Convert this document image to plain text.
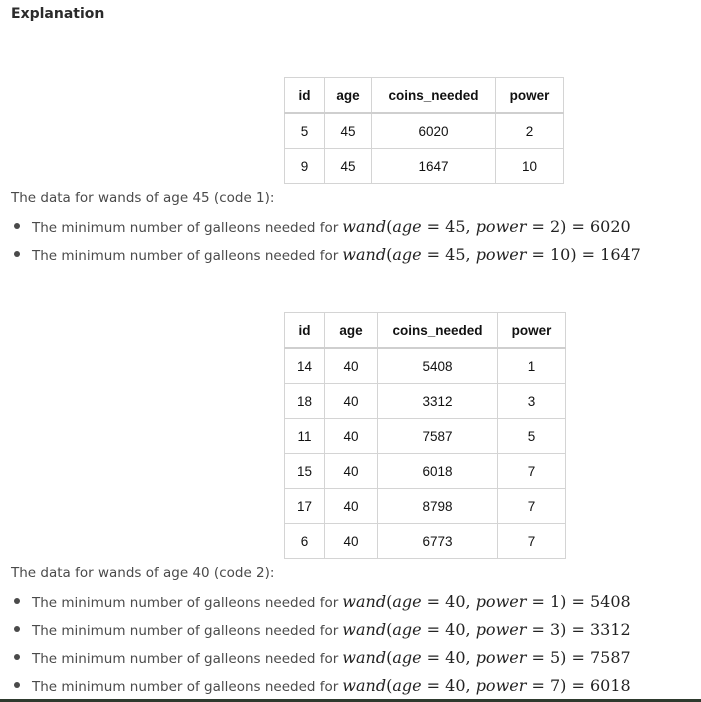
Explanation
id	age	coins_needed	power
5	45	6020	2
9	45	1647	10
The data for wands of age 45 (code 1):
The minimum number of galleons needed for wand(age = 45, power = 2) = 6020
The minimum number of galleons needed for wand(age = 45, power = 10) = 1647
id	age	coins_needed	power
14	40	5408	1
18	40	3312	3
11	40	7587	5
15	40	6018	7
17	40	8798	7
6	40	6773	7
The data for wands of age 40 (code 2):
The minimum number of galleons needed for wand(age = 40, power = 1) = 5408
The minimum number of galleons needed for wand(age = 40, power = 3) = 3312
The minimum number of galleons needed for wand(age = 40, power = 5) = 7587
The minimum number of galleons needed for wand(age = 40, power = 7) = 6018
